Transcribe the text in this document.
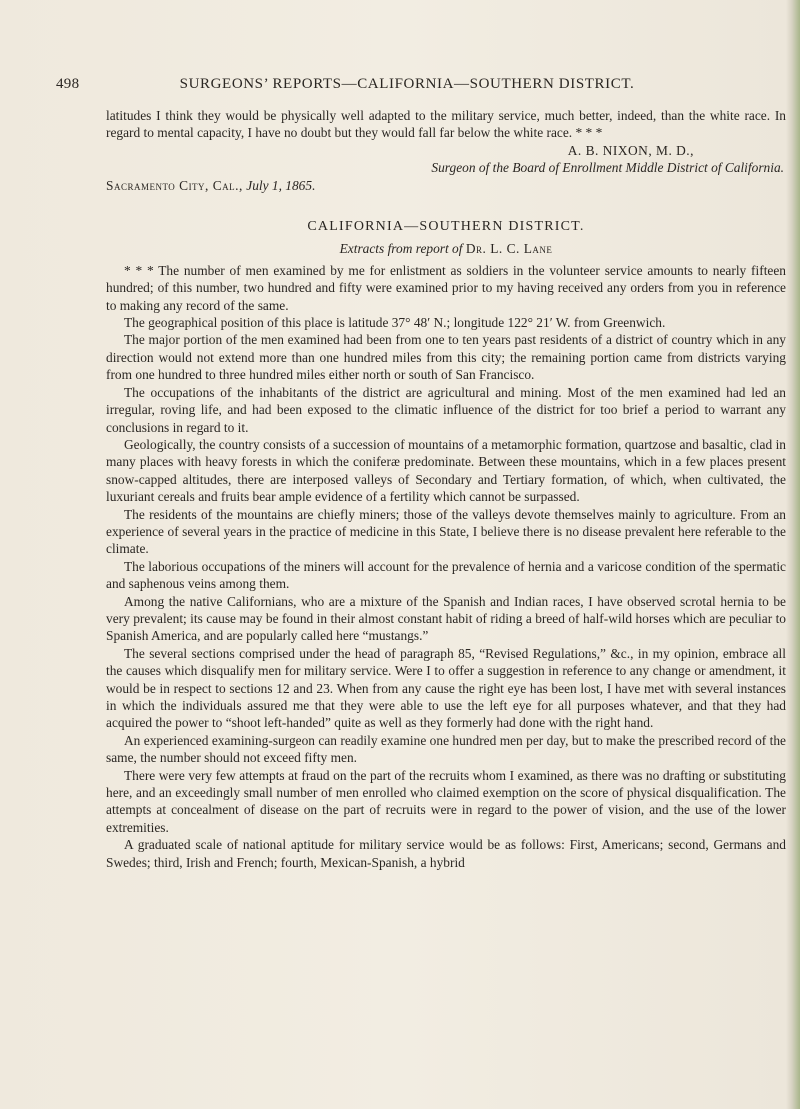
498	SURGEONS’ REPORTS—CALIFORNIA—SOUTHERN DISTRICT.

latitudes I think they would be physically well adapted to the military service, much better, indeed, than the white race. In regard to mental capacity, I have no doubt but they would fall far below the white race. * * *

A. B. NIXON, M. D.,
Surgeon of the Board of Enrollment Middle District of California.
Sacramento City, Cal.,
July 1, 1865.
CALIFORNIA—SOUTHERN DISTRICT.
Extracts from report of Dr. L. C. Lane

* * * The number of men examined by me for enlistment as soldiers in the volunteer service amounts to nearly fifteen hundred; of this number, two hundred and fifty were examined prior to my having received any orders from you in reference to making any record of the same.

The geographical position of this place is latitude 37° 48′ N.; longitude 122° 21′ W. from Greenwich.

The major portion of the men examined had been from one to ten years past residents of a district of country which in any direction would not extend more than one hundred miles from this city; the remaining portion came from districts varying from one hundred to three hundred miles either north or south of San Francisco.

The occupations of the inhabitants of the district are agricultural and mining. Most of the men examined had led an irregular, roving life, and had been exposed to the climatic influence of the district for too brief a period to warrant any conclusions in regard to it.

Geologically, the country consists of a succession of mountains of a metamorphic formation, quartzose and basaltic, clad in many places with heavy forests in which the coniferæ predominate. Between these mountains, which in a few places present snow-capped altitudes, there are interposed valleys of Secondary and Tertiary formation, of which, when cultivated, the luxuriant cereals and fruits bear ample evidence of a fertility which cannot be surpassed.

The residents of the mountains are chiefly miners; those of the valleys devote themselves mainly to agriculture. From an experience of several years in the practice of medicine in this State, I believe there is no disease prevalent here referable to the climate.

The laborious occupations of the miners will account for the prevalence of hernia and a varicose condition of the spermatic and saphenous veins among them.

Among the native Californians, who are a mixture of the Spanish and Indian races, I have observed scrotal hernia to be very prevalent; its cause may be found in their almost constant habit of riding a breed of half-wild horses which are peculiar to Spanish America, and are popularly called here “mustangs.”

The several sections comprised under the head of paragraph 85, “Revised Regulations,” &c., in my opinion, embrace all the causes which disqualify men for military service. Were I to offer a suggestion in reference to any change or amendment, it would be in respect to sections 12 and 23. When from any cause the right eye has been lost, I have met with several instances in which the individuals assured me that they were able to use the left eye for all purposes whatever, and that they had acquired the power to “shoot left-handed” quite as well as they formerly had done with the right hand.

An experienced examining-surgeon can readily examine one hundred men per day, but to make the prescribed record of the same, the number should not exceed fifty men.

There were very few attempts at fraud on the part of the recruits whom I examined, as there was no drafting or substituting here, and an exceedingly small number of men enrolled who claimed exemption on the score of physical disqualification. The attempts at concealment of disease on the part of recruits were in regard to the power of vision, and the use of the lower extremities.

A graduated scale of national aptitude for military service would be as follows: First, Americans; second, Germans and Swedes; third, Irish and French; fourth, Mexican-Spanish, a hybrid
